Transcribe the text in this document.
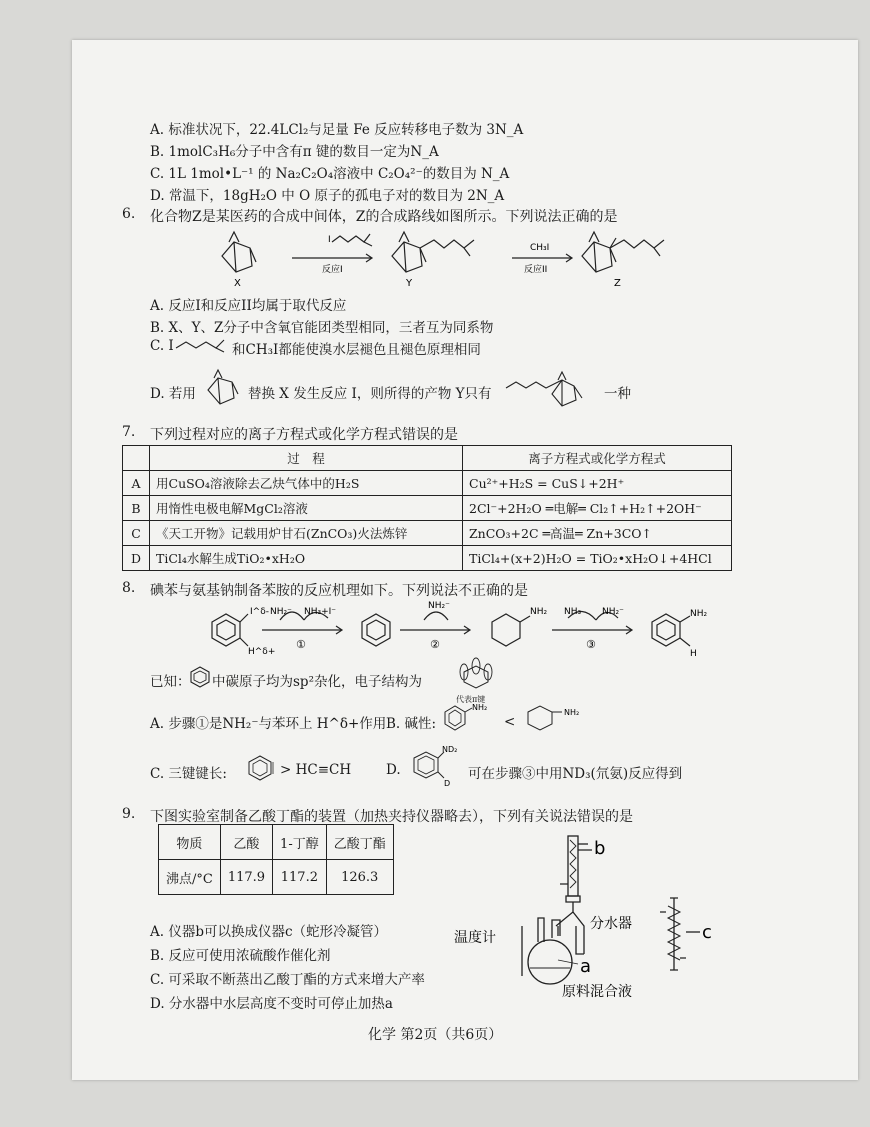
A. 标准状况下，22.4LCl₂与足量 Fe 反应转移电子数为 3N_A
B. 1molC₃H₆分子中含有π 键的数目一定为N_A
C. 1L 1mol•L⁻¹ 的 Na₂C₂O₄溶液中 C₂O₄²⁻的数目为 N_A
D. 常温下，18gH₂O 中 O 原子的孤电子对的数目为 2N_A
6. 化合物Z是某医药的合成中间体，Z的合成路线如图所示。下列说法正确的是
X
I
反应I
Y
CH₃I
反应II
Z
A. 反应I和反应II均属于取代反应
B. X、Y、Z分子中含氧官能团类型相同，三者互为同系物
C. I	和CH₃I都能使溴水层褪色且褪色原理相同
D. 若用	替换 X 发生反应 I，则所得的产物 Y只有	一种
7. 下列过程对应的离子方程式或化学方程式错误的是
	过　程	离子方程式或化学方程式
A	用CuSO₄溶液除去乙炔气体中的H₂S	Cu²⁺+H₂S = CuS↓+2H⁺
B	用惰性电极电解MgCl₂溶液	2Cl⁻+2H₂O ═电解═ Cl₂↑+H₂↑+2OH⁻
C	《天工开物》记载用炉甘石(ZnCO₃)火法炼锌	ZnCO₃+2C ═高温═ Zn+3CO↑
D	TiCl₄水解生成TiO₂•xH₂O	TiCl₄+(x+2)H₂O = TiO₂•xH₂O↓+4HCl
8. 碘苯与氨基钠制备苯胺的反应机理如下。下列说法不正确的是
I^δ-
H^δ+
NH₂⁻ NH₃+I⁻
①
NH₂⁻
②
NH₂ NH₃ NH₂⁻
③
NH₂
H
已知： 中碳原子均为sp²杂化，电子结构为
代表π键
A. 步骤①是NH₂⁻与苯环上 H^δ+作用 B. 碱性:
NH₂
<
NH₂
C. 三键键长:	> HC≡CH	D.
ND₂
D
可在步骤③中用ND₃(氘氨)反应得到
9. 下图实验室制备乙酸丁酯的装置（加热夹持仪器略去），下列有关说法错误的是
物质	乙酸	1-丁醇	乙酸丁酯
沸点/°C	117.9	117.2	126.3
A. 仪器b可以换成仪器c（蛇形冷凝管）
B. 反应可使用浓硫酸作催化剂
C. 可采取不断蒸出乙酸丁酯的方式来增大产率
D. 分水器中水层高度不变时可停止加热a
b
温度计
分水器	c
a
原料混合液
化学 第2页（共6页）
